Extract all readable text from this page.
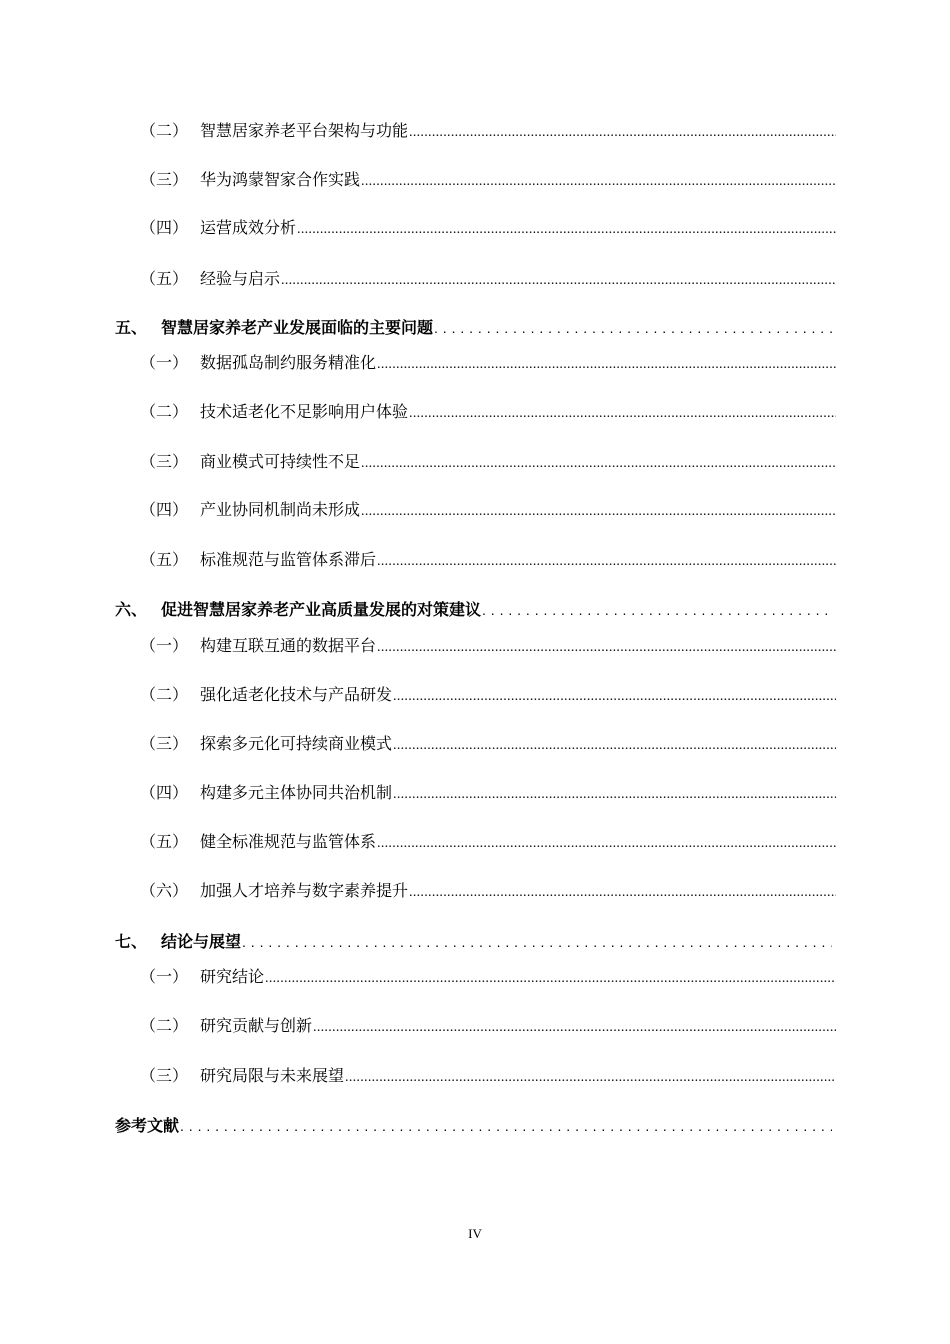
（二） 智慧居家养老平台架构与功能
.....
（三） 华为鸿蒙智家合作实践
.....
（四） 运营成效分析
.....
（五） 经验与启示
.....
五、 智慧居家养老产业发展面临的主要问题
. . .
（一） 数据孤岛制约服务精准化
.....
（二） 技术适老化不足影响用户体验
.....
（三） 商业模式可持续性不足
.....
（四） 产业协同机制尚未形成
.....
（五） 标准规范与监管体系滞后
.....
六、 促进智慧居家养老产业高质量发展的对策建议
. . .
（一） 构建互联互通的数据平台
.....
（二） 强化适老化技术与产品研发
.....
（三） 探索多元化可持续商业模式
.....
（四） 构建多元主体协同共治机制
.....
（五） 健全标准规范与监管体系
.....
（六） 加强人才培养与数字素养提升
.....
七、 结论与展望
. . .
（一） 研究结论
.....
（二） 研究贡献与创新
.....
（三） 研究局限与未来展望
.....
参考文献
. . .
IV
